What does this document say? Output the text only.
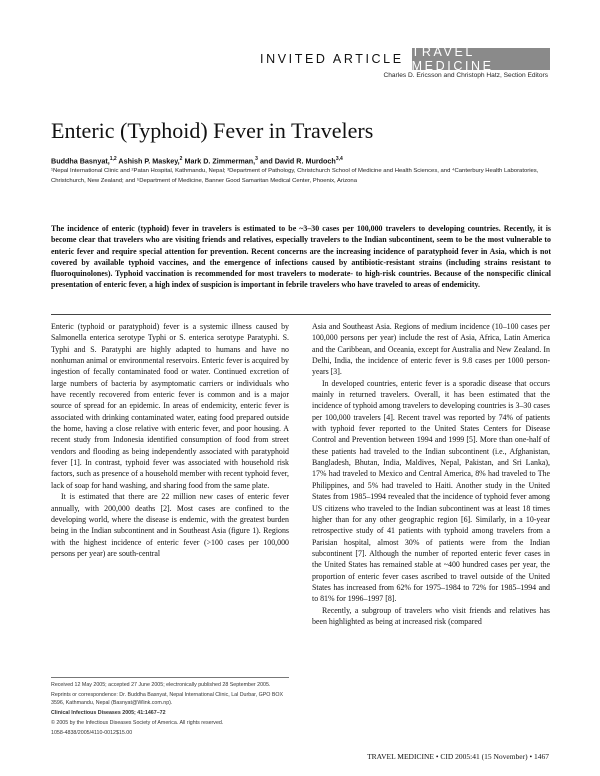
INVITED ARTICLE TRAVEL MEDICINE
Charles D. Ericsson and Christoph Hatz, Section Editors
Enteric (Typhoid) Fever in Travelers
Buddha Basnyat,$^{1,2}$ Ashish P. Maskey,$^2$ Mark D. Zimmerman,$^3$ and David R. Murdoch$^{3,4}$
¹Nepal International Clinic and ²Patan Hospital, Kathmandu, Nepal; ³Department of Pathology, Christchurch School of Medicine and Health Sciences, and ⁴Canterbury Health Laboratories, Christchurch, New Zealand; and ⁵Department of Medicine, Banner Good Samaritan Medical Center, Phoenix, Arizona
The incidence of enteric (typhoid) fever in travelers is estimated to be ~3–30 cases per 100,000 travelers to developing countries. Recently, it is become clear that travelers who are visiting friends and relatives, especially travelers to the Indian subcontinent, seem to be the most vulnerable to enteric fever and require special attention for prevention. Recent concerns are the increasing incidence of paratyphoid fever in Asia, which is not covered by available typhoid vaccines, and the emergence of infections caused by antibiotic-resistant strains (including strains resistant to fluoroquinolones). Typhoid vaccination is recommended for most travelers to moderate- to high-risk countries. Because of the nonspecific clinical presentation of enteric fever, a high index of suspicion is important in febrile travelers who have traveled to areas of endemicity.

Enteric (typhoid or paratyphoid) fever is a systemic illness caused by Salmonella enterica serotype Typhi or S. enterica serotype Paratyphi. S. Typhi and S. Paratyphi are highly adapted to humans and have no nonhuman animal or environmental reservoirs. Enteric fever is acquired by ingestion of fecally contaminated food or water. Continued excretion of large numbers of bacteria by asymptomatic carriers or individuals who have recently recovered from enteric fever is common and is a major source of spread for an epidemic. In areas of endemicity, enteric fever is associated with drinking contaminated water, eating food prepared outside the home, having a close relative with enteric fever, and poor housing. A recent study from Indonesia identified consumption of food from street vendors and flooding as being independently associated with paratyphoid fever [1]. In contrast, typhoid fever was associated with household risk factors, such as presence of a household member with recent typhoid fever, lack of soap for hand washing, and sharing food from the same plate.

It is estimated that there are 22 million new cases of enteric fever annually, with 200,000 deaths [2]. Most cases are confined to the developing world, where the disease is endemic, with the greatest burden being in the Indian subcontinent and in Southeast Asia (figure 1). Regions with the highest incidence of enteric fever (>100 cases per 100,000 persons per year) are south-central

Asia and Southeast Asia. Regions of medium incidence (10–100 cases per 100,000 persons per year) include the rest of Asia, Africa, Latin America and the Caribbean, and Oceania, except for Australia and New Zealand. In Delhi, India, the incidence of enteric fever is 9.8 cases per 1000 person-years [3].

In developed countries, enteric fever is a sporadic disease that occurs mainly in returned travelers. Overall, it has been estimated that the incidence of typhoid among travelers to developing countries is 3–30 cases per 100,000 travelers [4]. Recent travel was reported by 74% of patients with typhoid fever reported to the United States Centers for Disease Control and Prevention between 1994 and 1999 [5]. More than one-half of these patients had traveled to the Indian subcontinent (i.e., Afghanistan, Bangladesh, Bhutan, India, Maldives, Nepal, Pakistan, and Sri Lanka), 17% had traveled to Mexico and Central America, 8% had traveled to The Philippines, and 5% had traveled to Haiti. Another study in the United States from 1985–1994 revealed that the incidence of typhoid fever among US citizens who traveled to the Indian subcontinent was at least 18 times higher than for any other geographic region [6]. Similarly, in a 10-year retrospective study of 41 patients with typhoid among travelers from a Parisian hospital, almost 30% of patients were from the Indian subcontinent [7]. Although the number of reported enteric fever cases in the United States has remained stable at ~400 hundred cases per year, the proportion of enteric fever cases ascribed to travel outside of the United States has increased from 62% for 1975–1984 to 72% for 1985–1994 and to 81% for 1996–1997 [8].

Recently, a subgroup of travelers who visit friends and relatives has been highlighted as being at increased risk (compared

Received 12 May 2005; accepted 27 June 2005; electronically published 28 September 2005.

Reprints or correspondence: Dr. Buddha Basnyat, Nepal International Clinic, Lal Durbar, GPO BOX 3596, Kathmandu, Nepal (Basnyat@Wlink.com.np).

Clinical Infectious Diseases 2005; 41:1467–72

© 2005 by the Infectious Diseases Society of America. All rights reserved.

1058-4838/2005/4110-0012$15.00

TRAVEL MEDICINE • CID 2005:41 (15 November) • 1467
